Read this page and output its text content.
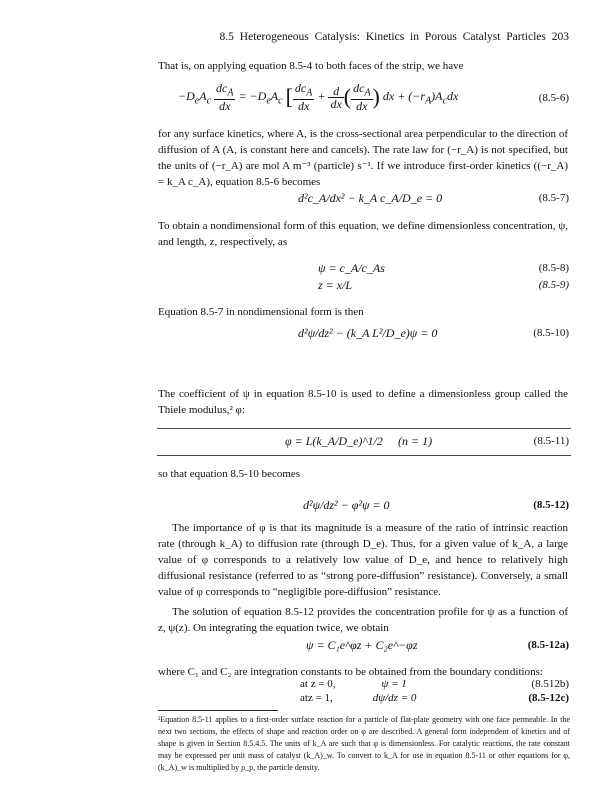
8.5 Heterogeneous Catalysis: Kinetics in Porous Catalyst Particles 203
That is, on applying equation 8.5-4 to both faces of the strip, we have
$-D_eA_c \frac{dc_A}{dx} = -D_eA_c$ [ $\frac{dc_A}{dx} + \frac{d}{dx}$ ( $\frac{dc_A}{dx}$ ) dx + $(-r_A)A_cdx$	(8.5-6)
for any surface kinetics, where A, is the cross-sectional area perpendicular to the direction of diffusion of A (A, is constant here and cancels). The rate law for (−r_A) is not specified, but the units of (−r_A) are mol A m⁻³ (particle) s⁻¹. If we introduce first-order kinetics ((−r_A) = k_A c_A), equation 8.5-6 becomes
d²c_A/dx² − k_A c_A/D_e = 0	(8.5-7)
To obtain a nondimensional form of this equation, we define dimensionless concentration, ψ, and length, z, respectively, as
ψ = c_A/c_As	(8.5-8)
z = x/L	(8.5-9)
Equation 8.5-7 in nondimensional form is then
d²ψ/dz² − (k_A L²/D_e)ψ = 0	(8.5-10)
The coefficient of ψ in equation 8.5-10 is used to define a dimensionless group called the Thiele modulus,² φ:
φ = L(k_A/D_e)^1/2 (n = 1)	(8.5-11)
so that equation 8.5-10 becomes
d²ψ/dz² − φ²ψ = 0	(8.5-12)
The importance of φ is that its magnitude is a measure of the ratio of intrinsic reaction rate (through k_A) to diffusion rate (through D_e). Thus, for a given value of k_A, a large value of φ corresponds to a relatively low value of D_e, and hence to relatively high diffusional resistance (referred to as “strong pore-diffusion” resistance). Conversely, a small value of φ corresponds to “negligible pore-diffusion” resistance.
The solution of equation 8.5-12 provides the concentration profile for ψ as a function of z, ψ(z). On integrating the equation twice, we obtain
ψ = C₁e^φz + C₂e^−φz	(8.5-12a)
where C₁ and C₂ are integration constants to be obtained from the boundary conditions:
²Equation 8.5-11 applies to a first-order surface reaction for a particle of flat-plate geometry with one face permeable. In the next two sections, the effects of shape and reaction order on φ are described. A general form independent of kinetics and of shape is given in Section 8.5.4.5. The units of k_A are such that φ is dimensionless. For catalytic reactions, the rate constant may be expressed per unit mass of catalyst (k_A)_w. To convert to k_A for use in equation 8.5-11 or other equations for φ, (k_A)_w is multiplied by ρ_p, the particle density.
at z = 0,	ψ = 1	(8.512b)
atz = 1,	dψ/dz = 0	(8.5-12c)
